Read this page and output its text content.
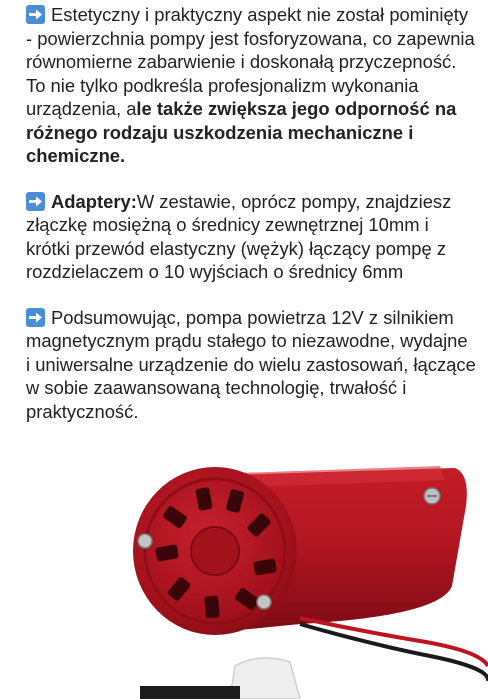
Estetyczny i praktyczny aspekt nie został pominięty - powierzchnia pompy jest fosforyzowana, co zapewnia równomierne zabarwienie i doskonałą przyczepność. To nie tylko podkreśla profesjonalizm wykonania urządzenia, ale także zwiększa jego odporność na różnego rodzaju uszkodzenia mechaniczne i chemiczne.

Adaptery:W zestawie, oprócz pompy, znajdziesz złączkę mosiężną o średnicy zewnętrznej 10mm i krótki przewód elastyczny (wężyk) łączący pompę z rozdzielaczem o 10 wyjściach o średnicy 6mm

Podsumowując, pompa powietrza 12V z silnikiem magnetycznym prądu stałego to niezawodne, wydajne i uniwersalne urządzenie do wielu zastosowań, łączące w sobie zaawansowaną technologię, trwałość i praktyczność.
